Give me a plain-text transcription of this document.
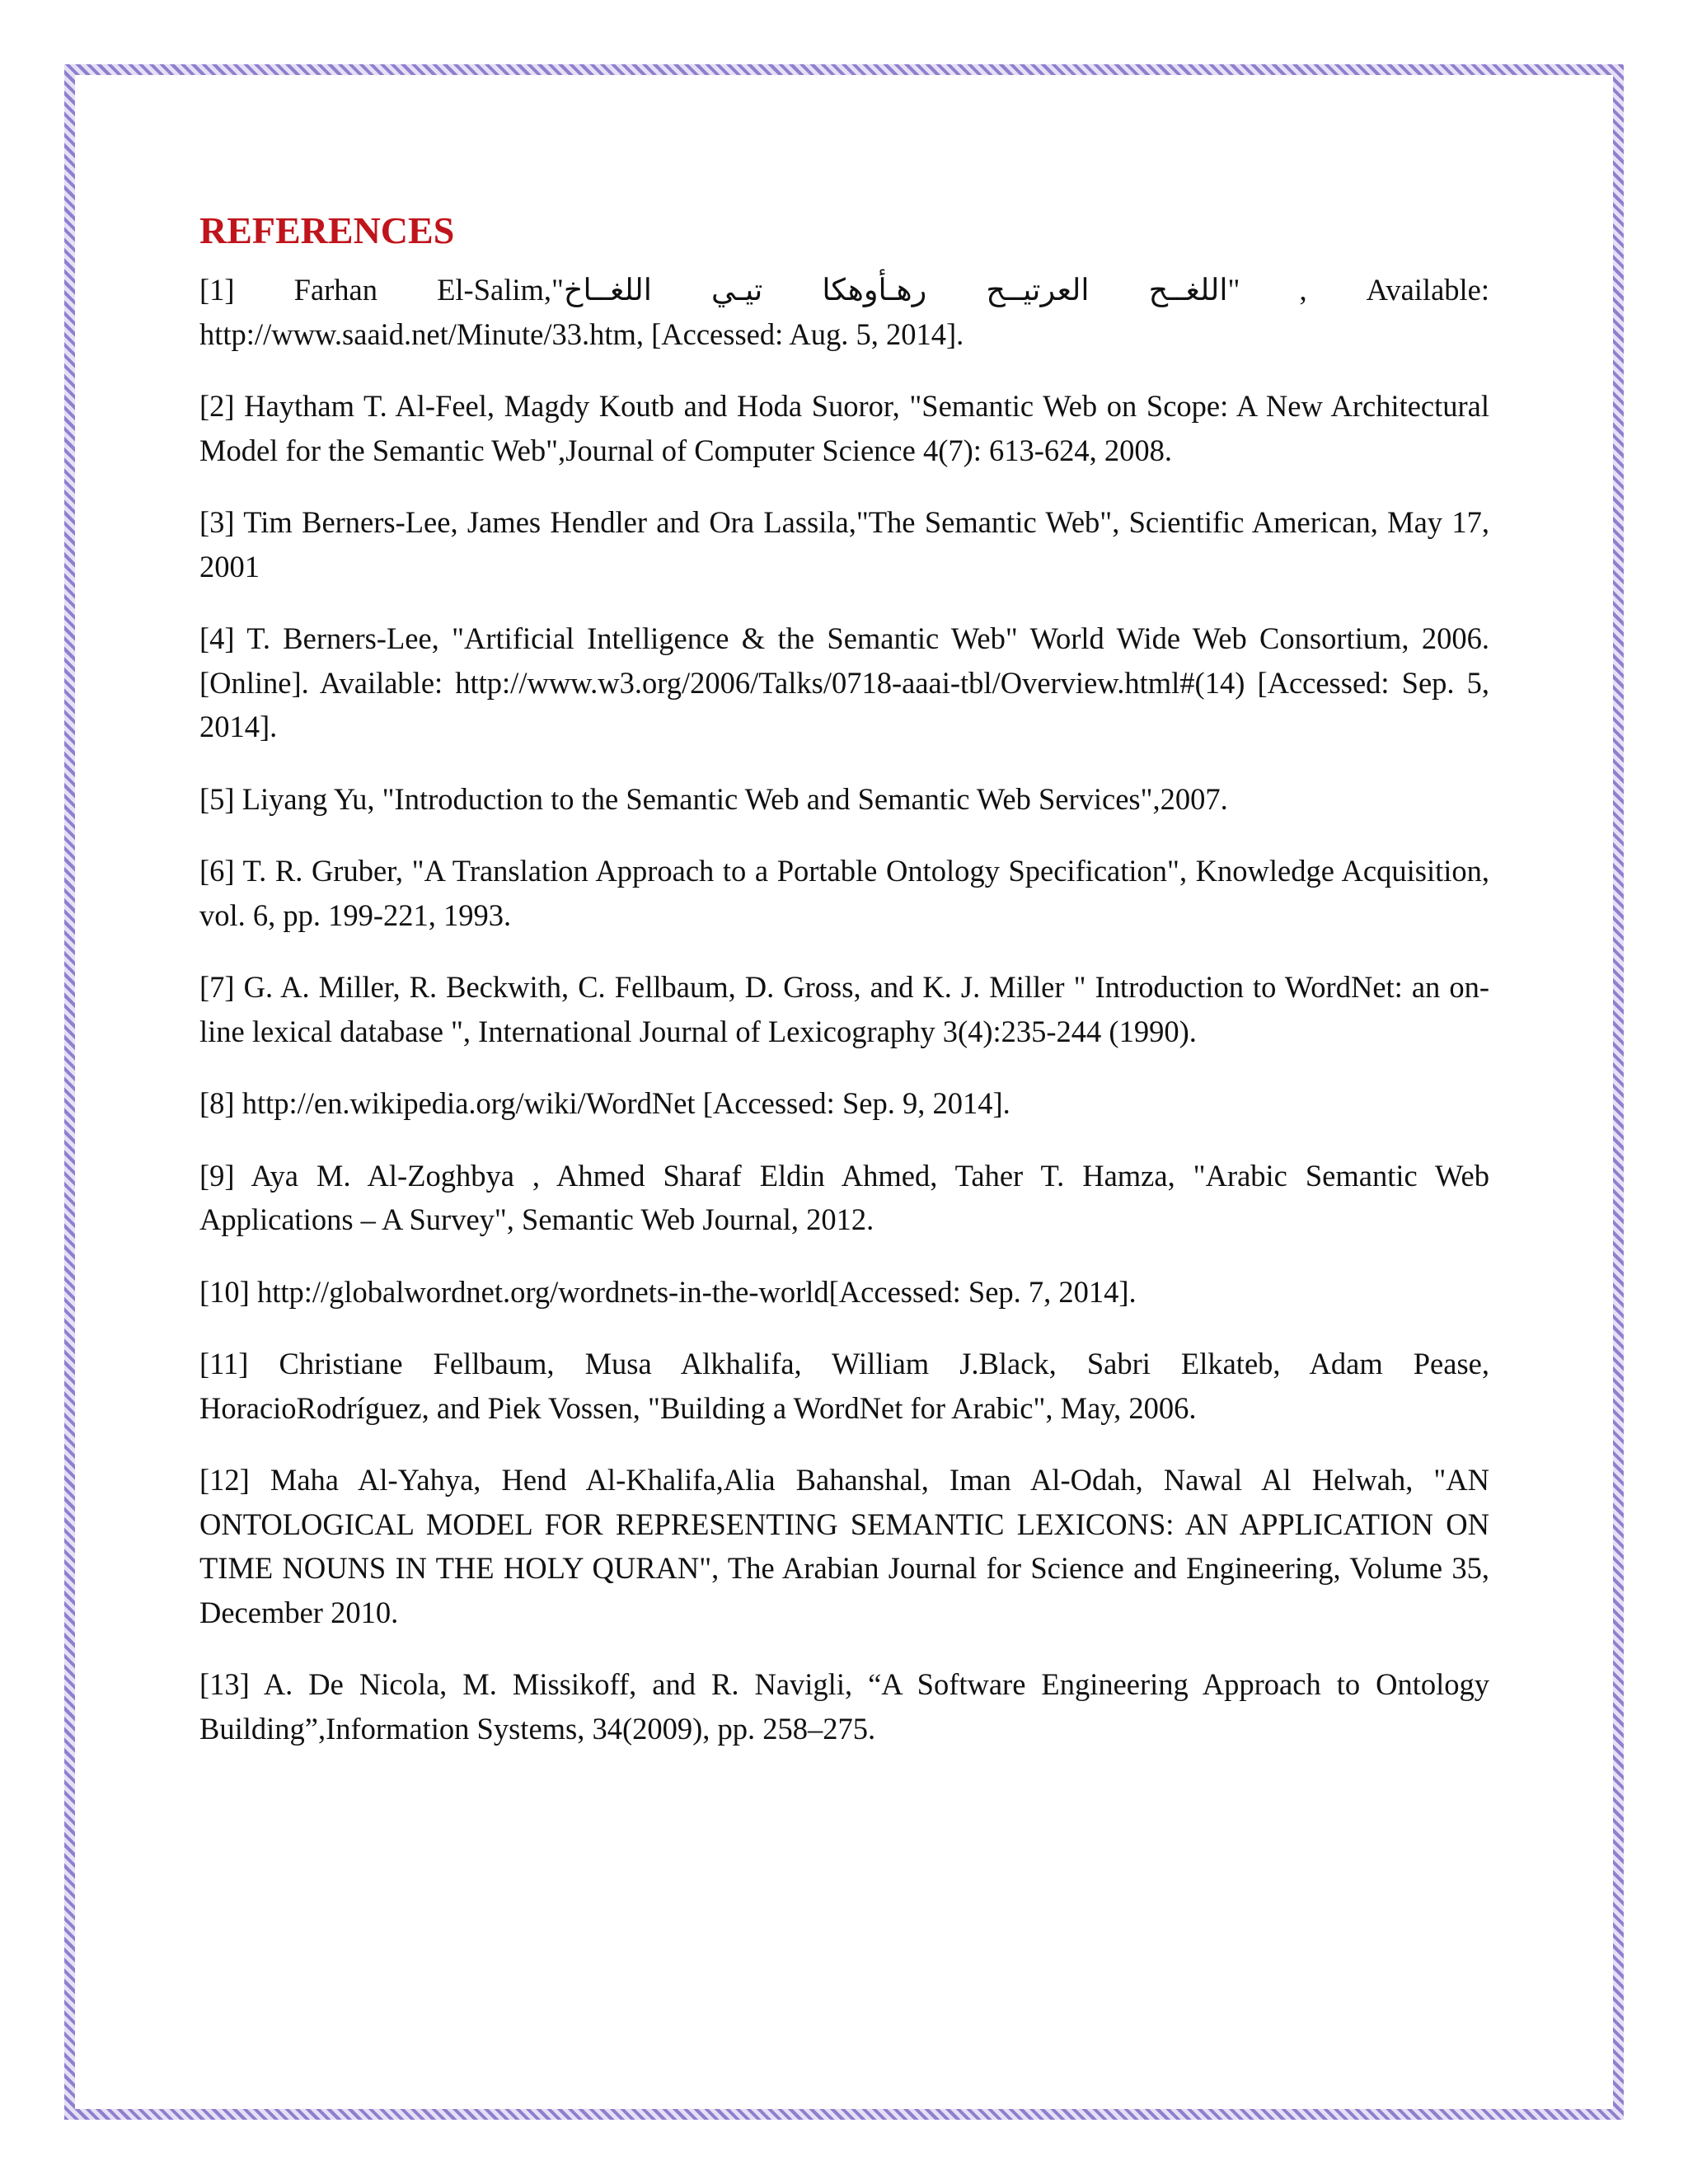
REFERENCES
[1] Farhan El-Salim,"اللغــح العرتيــح رهـأوهكا تيـي اللغــاخ" , Available: http://www.saaid.net/Minute/33.htm, [Accessed: Aug. 5, 2014].
[2] Haytham T. Al-Feel, Magdy Koutb and Hoda Suoror, "Semantic Web on Scope: A New Architectural Model for the Semantic Web",Journal of Computer Science 4(7): 613-624, 2008.
[3] Tim Berners-Lee, James Hendler and Ora Lassila,"The Semantic Web", Scientific American, May 17, 2001
[4] T. Berners-Lee, "Artificial Intelligence & the Semantic Web" World Wide Web Consortium, 2006. [Online]. Available: http://www.w3.org/2006/Talks/0718-aaai-tbl/Overview.html#(14) [Accessed: Sep. 5, 2014].
[5] Liyang Yu, "Introduction to the Semantic Web and Semantic Web Services",2007.
[6] T. R. Gruber, "A Translation Approach to a Portable Ontology Specification", Knowledge Acquisition, vol. 6, pp. 199-221, 1993.
[7] G. A. Miller, R. Beckwith, C. Fellbaum, D. Gross, and K. J. Miller " Introduction to WordNet: an on-line lexical database ", International Journal of Lexicography 3(4):235-244 (1990).
[8] http://en.wikipedia.org/wiki/WordNet [Accessed: Sep. 9, 2014].
[9] Aya M. Al-Zoghbya , Ahmed Sharaf Eldin Ahmed, Taher T. Hamza, "Arabic Semantic Web Applications – A Survey", Semantic Web Journal, 2012.
[10] http://globalwordnet.org/wordnets-in-the-world[Accessed: Sep. 7, 2014].
[11] Christiane Fellbaum, Musa Alkhalifa, William J.Black, Sabri Elkateb, Adam Pease, HoracioRodríguez, and Piek Vossen, "Building a WordNet for Arabic", May, 2006.
[12] Maha Al-Yahya, Hend Al-Khalifa,Alia Bahanshal, Iman Al-Odah, Nawal Al Helwah, "AN ONTOLOGICAL MODEL FOR REPRESENTING SEMANTIC LEXICONS: AN APPLICATION ON TIME NOUNS IN THE HOLY QURAN", The Arabian Journal for Science and Engineering, Volume 35, December 2010.
[13] A. De Nicola, M. Missikoff, and R. Navigli, “A Software Engineering Approach to Ontology Building”,Information Systems, 34(2009), pp. 258–275.
